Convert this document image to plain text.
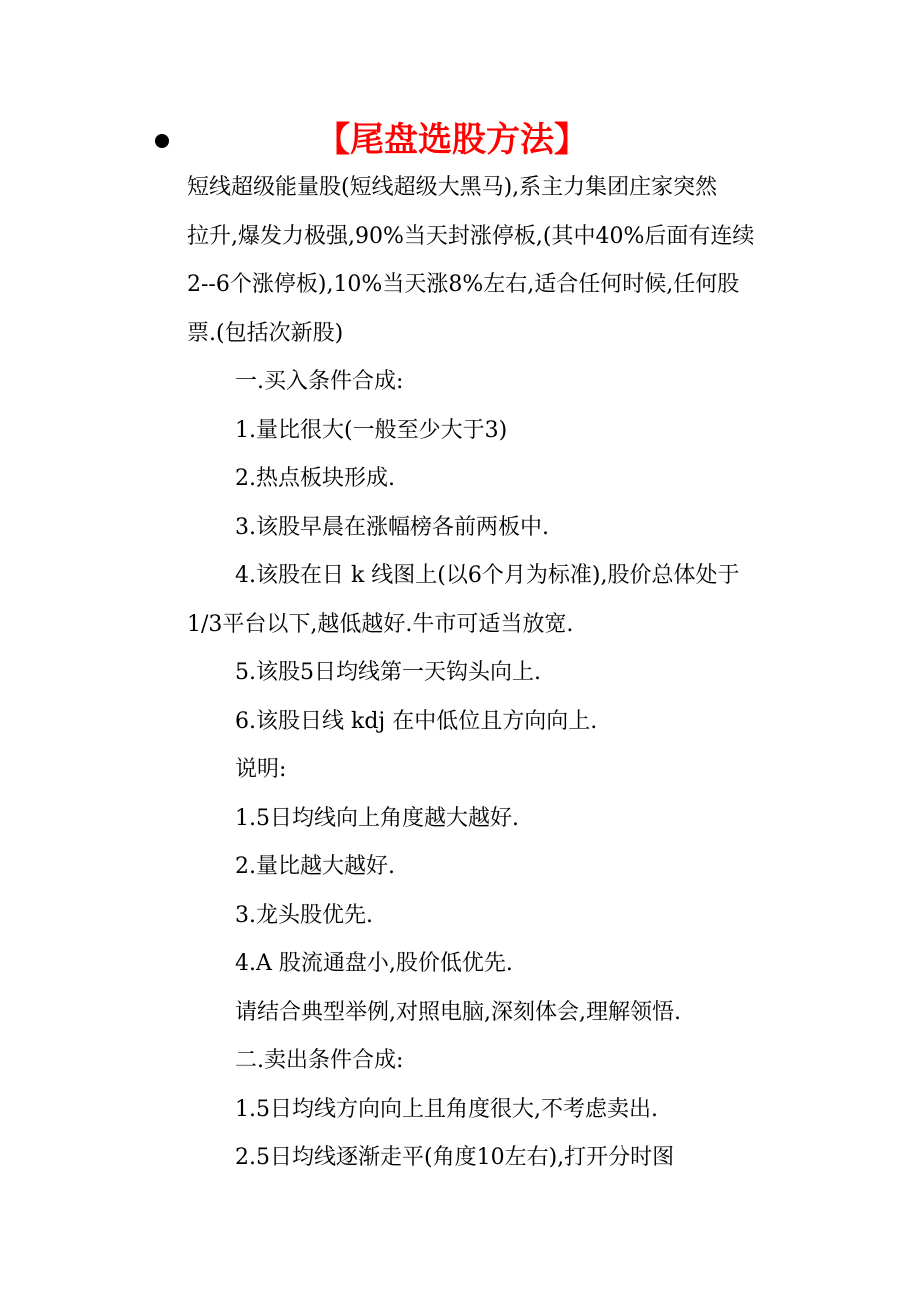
【尾盘选股方法】
短线超级能量股(短线超级大黑马),系主力集团庄家突然
拉升,爆发力极强,90%当天封涨停板,(其中40%后面有连续
2--6个涨停板),10%当天涨8%左右,适合任何时候,任何股
票.(包括次新股)
一.买入条件合成:
1.量比很大(一般至少大于3)
2.热点板块形成.
3.该股早晨在涨幅榜各前两板中.
4.该股在日 k 线图上(以6个月为标准),股价总体处于
1/3平台以下,越低越好.牛市可适当放宽.
5.该股5日均线第一天钩头向上.
6.该股日线 kdj 在中低位且方向向上.
说明:
1.5日均线向上角度越大越好.
2.量比越大越好.
3.龙头股优先.
4.A 股流通盘小,股价低优先.
请结合典型举例,对照电脑,深刻体会,理解领悟.
二.卖出条件合成:
1.5日均线方向向上且角度很大,不考虑卖出.
2.5日均线逐渐走平(角度10左右),打开分时图
